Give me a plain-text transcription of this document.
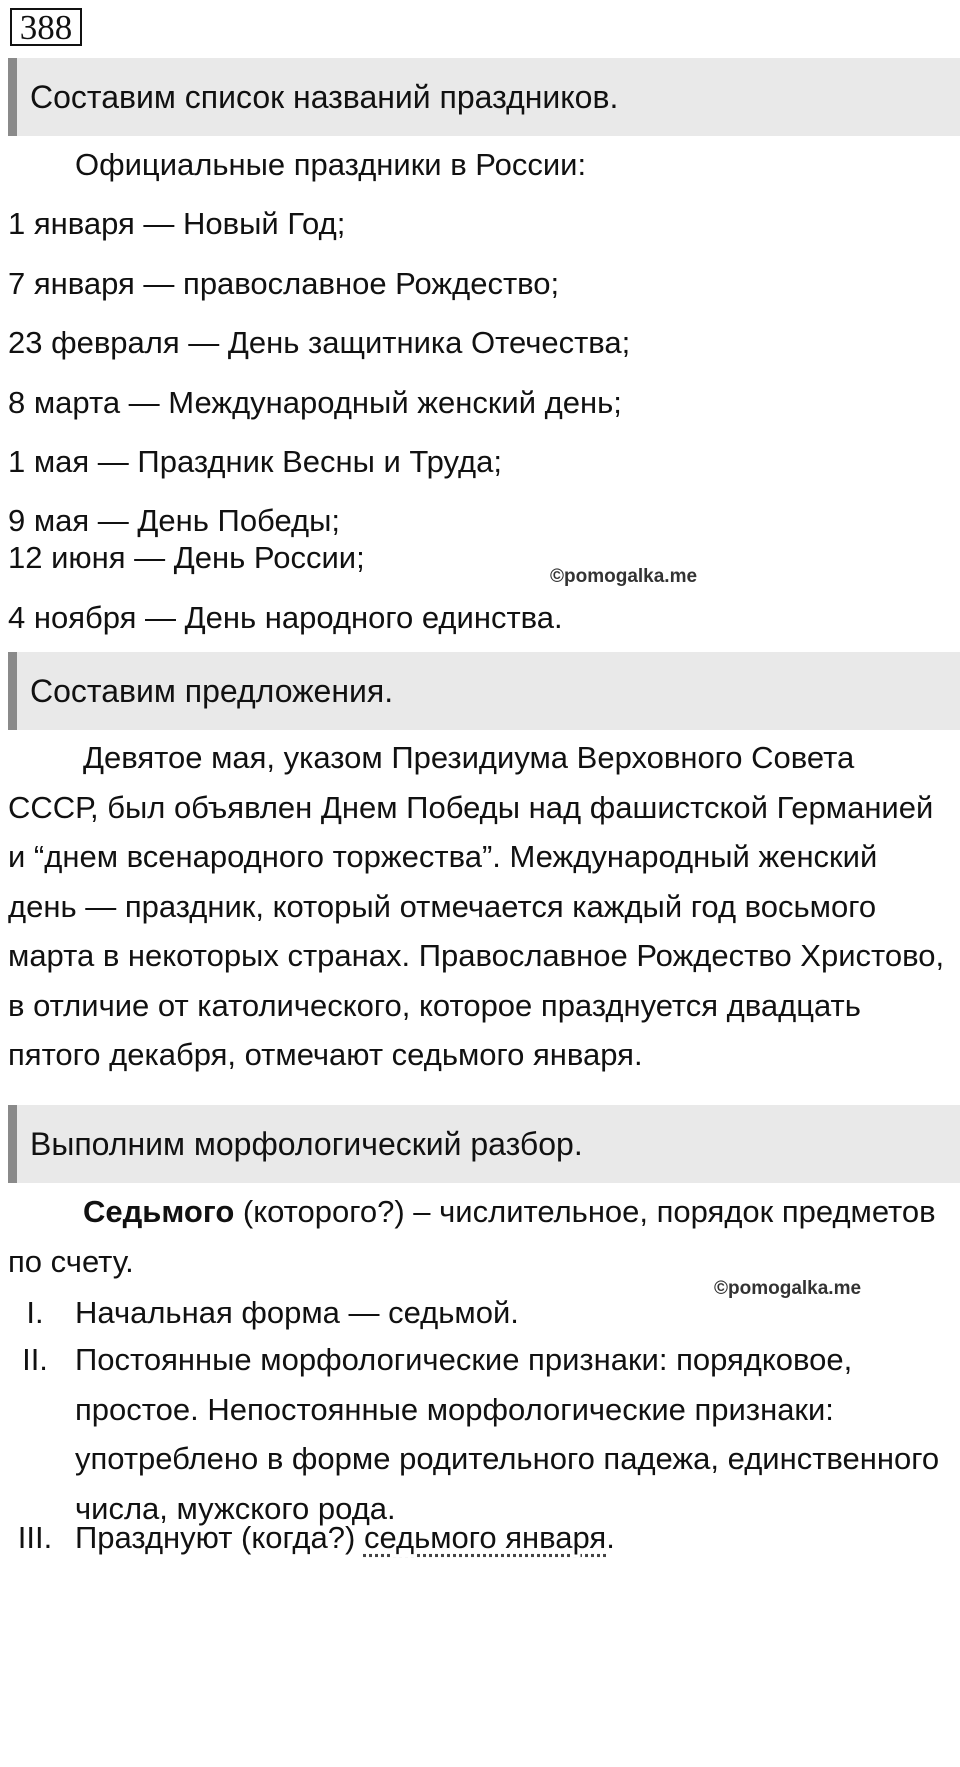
388
Составим список названий праздников.
Официальные праздники в России:
1 января — Новый Год;
7 января — православное Рождество;
23 февраля — День защитника Отечества;
8 марта — Международный женский день;
1 мая — Праздник Весны и Труда;
9 мая — День Победы;
12 июня — День России;
©pomogalka.me
4 ноября — День народного единства.
Составим предложения.
Девятое мая, указом Президиума Верховного Совета СССР, был объявлен Днем Победы над фашистской Германией и “днем всенародного торжества”. Международный женский день — праздник, который отмечается каждый год восьмого марта в некоторых странах. Православное Рождество Христово, в отличие от католического, которое празднуется двадцать пятого декабря, отмечают седьмого января.
Выполним морфологический разбор.
Седьмого (которого?) – числительное, порядок предметов по счету.
©pomogalka.me
I.	Начальная форма — седьмой.
II. Постоянные морфологические признаки: порядковое, простое. Непостоянные морфологические признаки: употреблено в форме родительного падежа, единственного числа, мужского рода.
III. Празднуют (когда?) седьмого января.
